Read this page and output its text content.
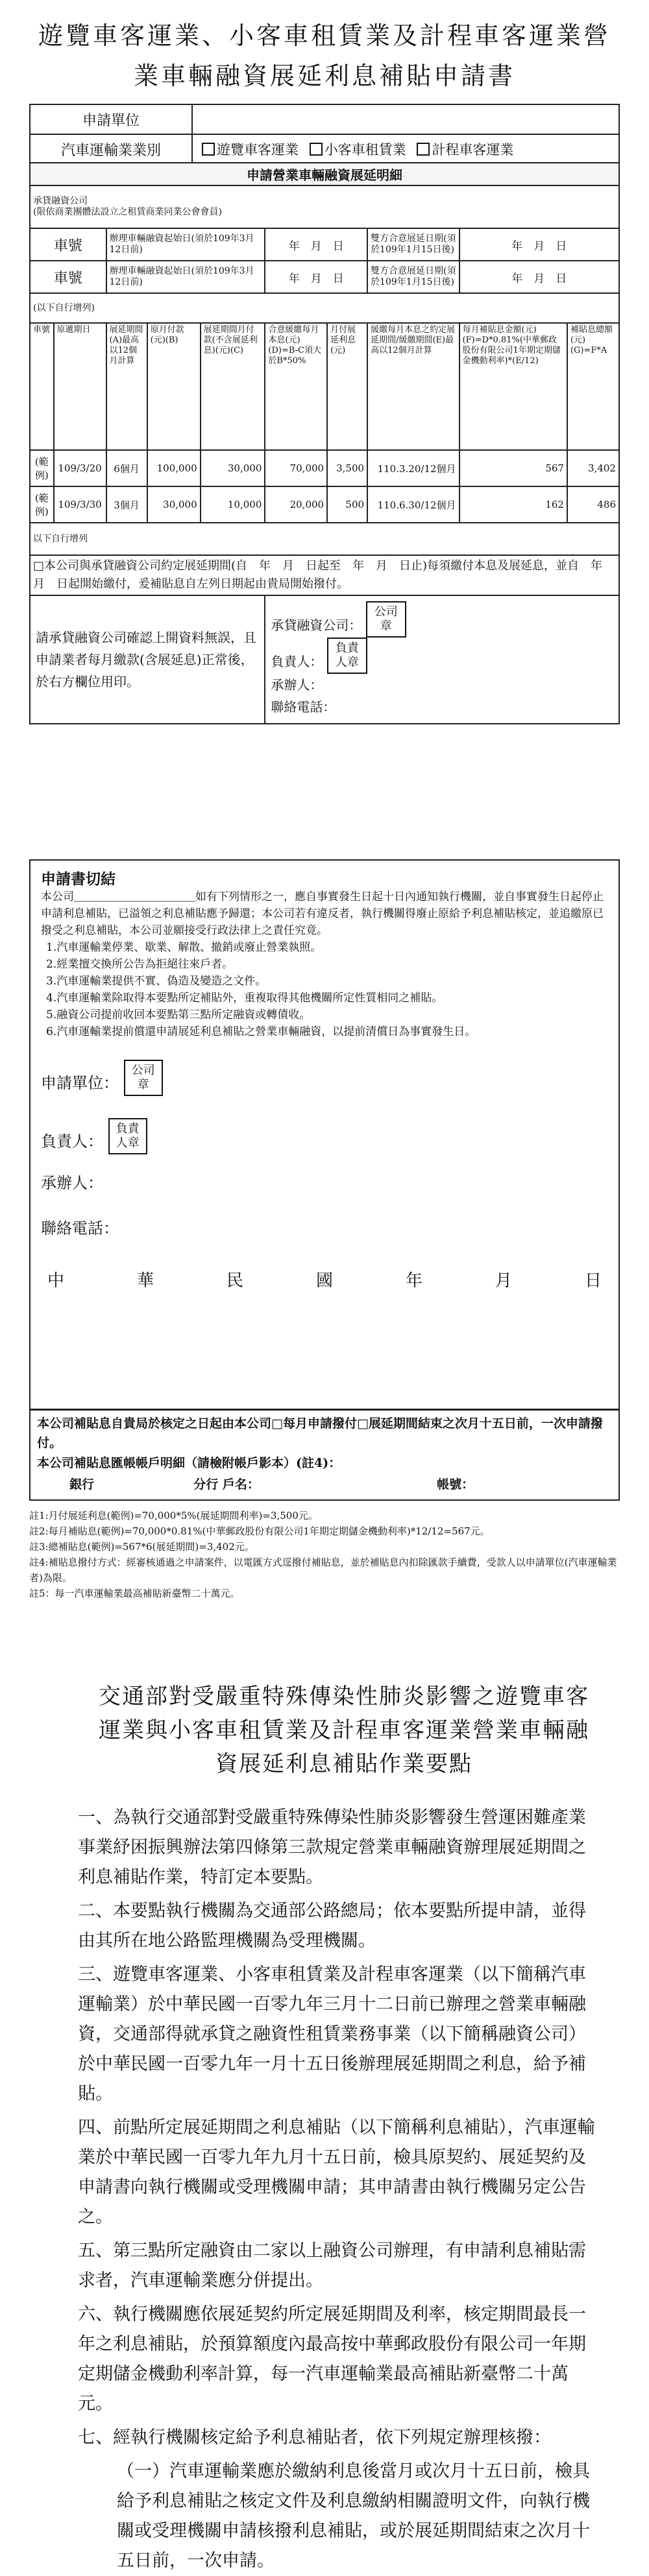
遊覽車客運業、小客車租賃業及計程車客運業營
業車輛融資展延利息補貼申請書
申請單位	
汽車運輸業業別	遊覽車客運業 小客車租賃業 計程車客運業
申請營業車輛融資展延明細									
承貸融資公司
(限依商業團體法設立之租賃商業同業公會會員)									
車號		辦理車輛融資起始日(須於109年3月12日前)			年　月　日		雙方合意展延日期(須於109年1月15日後)	年　月　日	
車號		辦理車輛融資起始日(須於109年3月12日前)			年　月　日		雙方合意展延日期(須於109年1月15日後)	年　月　日	
(以下自行增列)									
車號	原遞期日	展延期間(A)最高以12個月計算	原月付款(元)(B)	展延期間月付款(不含展延利息)(元)(C)	合意緩繳每月本息(元)(D)=B-C須大於B*50%	月付展延利息(元)	緩繳每月本息之約定展延期間/緩繳期間(E)最高以12個月計算	每月補貼息金額(元)(F)=D*0.81%(中華郵政股份有限公司1年期定期儲金機動利率)*(E/12)	補貼息總額(元)(G)=F*A
(範例)	109/3/20	6個月	100,000	30,000	70,000	3,500	110.3.20/12個月	567	3,402
(範例)	109/3/30	3個月	30,000	10,000	20,000	500	110.6.30/12個月	162	486
以下自行增列									
□本公司與承貸融資公司約定展延期間(自　年　月　日起至　年　月　日止)每須繳付本息及展延息，並自　年　月　日起開始繳付，爰補貼息自左列日期起由貴局開始撥付。									
請承貸融資公司確認上開資料無誤，且申請業者每月繳款(含展延息)正常後，於右方欄位用印。					承貸融資公司： 公司章
負責人： 負責人章
承辦人：
聯絡電話：				
申請書切結
本公司＿＿＿＿＿＿＿＿＿＿＿如有下列情形之一，應自事實發生日起十日內通知執行機關，並自事實發生日起停止申請利息補貼，已溢領之利息補貼應予歸還；本公司若有違反者，執行機關得廢止原給予利息補貼核定，並追繳原已撥受之利息補貼，本公司並願接受行政法律上之責任究竟。
1.汽車運輸業停業、歇業、解散、撤銷或廢止營業執照。
2.經業擅交換所公告為拒絕往來戶者。
3.汽車運輸業提供不實、偽造及變造之文件。
4.汽車運輸業除取得本要點所定補貼外，重複取得其他機關所定性質相同之補貼。
5.融資公司提前收回本要點第三點所定融資或轉債收。
6.汽車運輸業提前償還申請展延利息補貼之營業車輛融資，以提前清償日為事實發生日。
申請單位： 公司章
負責人： 負責人章
承辦人：
聯絡電話：
中	華	民	國	年	月	日
本公司補貼息自貴局於核定之日起由本公司□每月申請撥付□展延期間結束之次月十五日前，一次申請撥付。
本公司補貼息匯帳帳戶明細（請檢附帳戶影本）(註4)：
銀行	分行 戶名：	帳號：
註1:月付展延利息(範例)=70,000*5%(展延期間利率)=3,500元。
註2:每月補貼息(範例)=70,000*0.81%(中華郵政股份有限公司1年期定期儲金機動利率)*12/12=567元。
註3:總補貼息(範例)=567*6(展延期間)=3,402元。
註4:補貼息撥付方式：經審核通過之申請案件，以電匯方式逕撥付補貼息，並於補貼息內扣除匯款手續費，受款人以申請單位(汽車運輸業者)為限。
註5：每一汽車運輸業最高補貼新臺幣二十萬元。
交通部對受嚴重特殊傳染性肺炎影響之遊覽車客運業與小客車租賃業及計程車客運業營業車輛融資展延利息補貼作業要點
一、為執行交通部對受嚴重特殊傳染性肺炎影響發生營運困難產業事業紓困振興辦法第四條第三款規定營業車輛融資辦理展延期間之利息補貼作業，特訂定本要點。
二、本要點執行機關為交通部公路總局；依本要點所提申請，並得由其所在地公路監理機關為受理機關。
三、遊覽車客運業、小客車租賃業及計程車客運業（以下簡稱汽車運輸業）於中華民國一百零九年三月十二日前已辦理之營業車輛融資，交通部得就承貸之融資性租賃業務事業（以下簡稱融資公司）於中華民國一百零九年一月十五日後辦理展延期間之利息，給予補貼。
四、前點所定展延期間之利息補貼（以下簡稱利息補貼），汽車運輸業於中華民國一百零九年九月十五日前，檢具原契約、展延契約及申請書向執行機關或受理機關申請；其申請書由執行機關另定公告之。
五、第三點所定融資由二家以上融資公司辦理，有申請利息補貼需求者，汽車運輸業應分併提出。
六、執行機關應依展延契約所定展延期間及利率，核定期間最長一年之利息補貼，於預算額度內最高按中華郵政股份有限公司一年期定期儲金機動利率計算，每一汽車運輸業最高補貼新臺幣二十萬元。
七、經執行機關核定給予利息補貼者，依下列規定辦理核撥：
（一）汽車運輸業應於繳納利息後當月或次月十五日前，檢具給予利息補貼之核定文件及利息繳納相關證明文件，向執行機關或受理機關申請核撥利息補貼，或於展延期間結束之次月十五日前，一次申請。
